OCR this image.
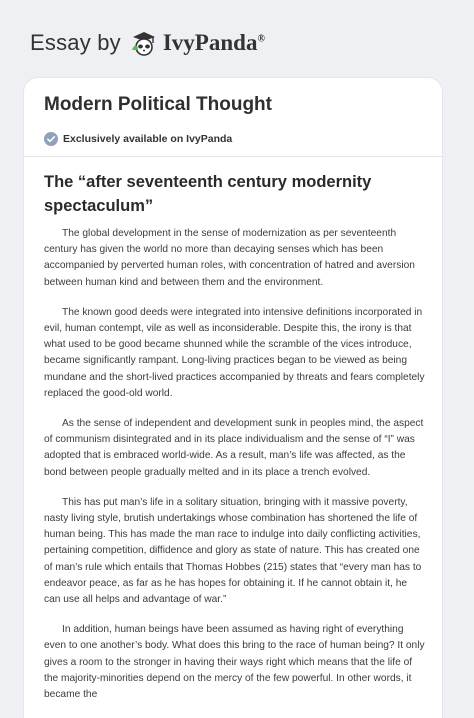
Essay by IvyPanda®
Modern Political Thought
Exclusively available on IvyPanda
The “after seventeenth century modernity spectaculum”

The global development in the sense of modernization as per seventeenth century has given the world no more than decaying senses which has been accompanied by perverted human roles, with concentration of hatred and aversion between human kind and between them and the environment.

The known good deeds were integrated into intensive definitions incorporated in evil, human contempt, vile as well as inconsiderable. Despite this, the irony is that what used to be good became shunned while the scramble of the vices introduce, became significantly rampant. Long-living practices began to be viewed as being mundane and the short-lived practices accompanied by threats and fears completely replaced the good-old world.

As the sense of independent and development sunk in peoples mind, the aspect of communism disintegrated and in its place individualism and the sense of “I” was adopted that is embraced world-wide. As a result, man’s life was affected, as the bond between people gradually melted and in its place a trench evolved.

This has put man’s life in a solitary situation, bringing with it massive poverty, nasty living style, brutish undertakings whose combination has shortened the life of human being. This has made the man race to indulge into daily conflicting activities, pertaining competition, diffidence and glory as state of nature. This has created one of man’s rule which entails that Thomas Hobbes (215) states that “every man has to endeavor peace, as far as he has hopes for obtaining it. If he cannot obtain it, he can use all helps and advantage of war.”

In addition, human beings have been assumed as having right of everything even to one another’s body. What does this bring to the race of human being? It only gives a room to the stronger in having their ways right which means that the life of the majority-minorities depend on the mercy of the few powerful. In other words, it became the
